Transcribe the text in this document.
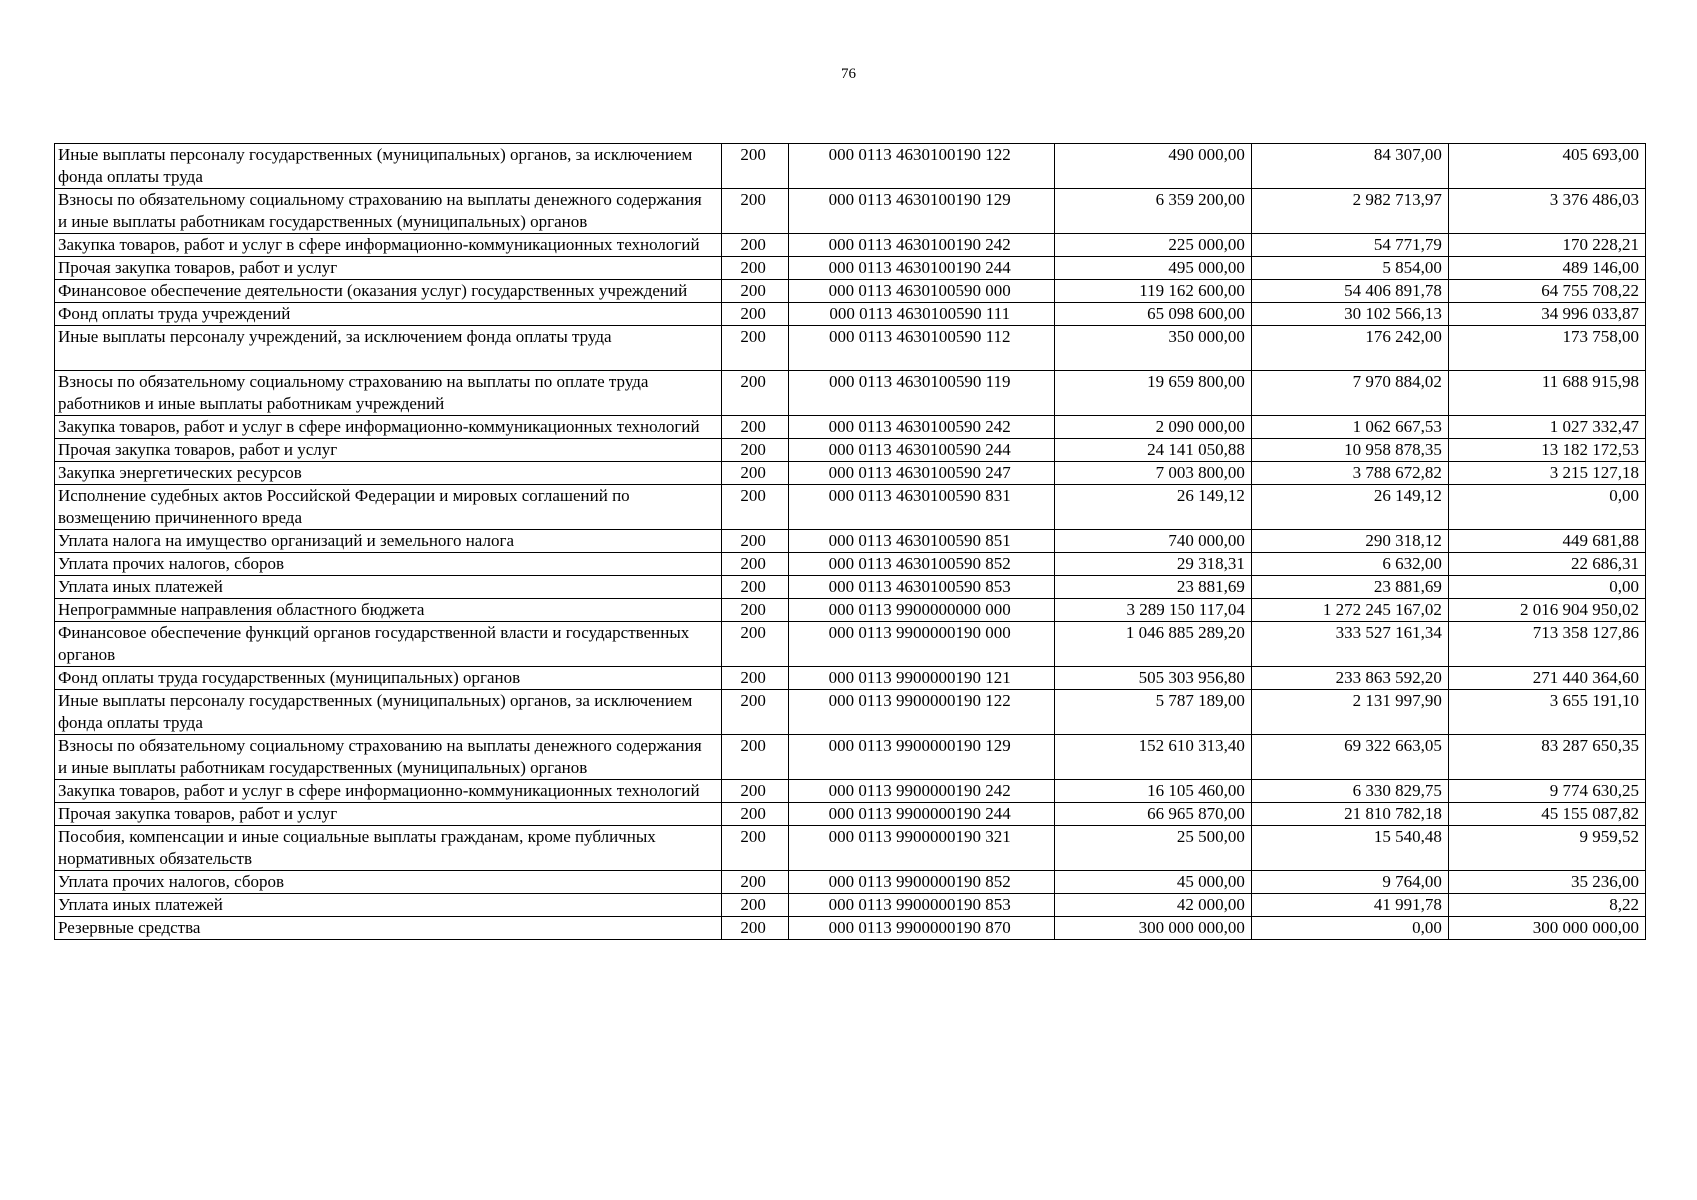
76
Иные выплаты персоналу государственных (муниципальных) органов, за исключением фонда оплаты труда	200	000 0113 4630100190 122	490 000,00	84 307,00	405 693,00
Взносы по обязательному социальному страхованию на выплаты денежного содержания и иные выплаты работникам государственных (муниципальных) органов	200	000 0113 4630100190 129	6 359 200,00	2 982 713,97	3 376 486,03
Закупка товаров, работ и услуг в сфере информационно-коммуникационных технологий	200	000 0113 4630100190 242	225 000,00	54 771,79	170 228,21
Прочая закупка товаров, работ и услуг	200	000 0113 4630100190 244	495 000,00	5 854,00	489 146,00
Финансовое обеспечение деятельности (оказания услуг) государственных учреждений	200	000 0113 4630100590 000	119 162 600,00	54 406 891,78	64 755 708,22
Фонд оплаты труда учреждений	200	000 0113 4630100590 111	65 098 600,00	30 102 566,13	34 996 033,87
Иные выплаты персоналу учреждений, за исключением фонда оплаты труда	200	000 0113 4630100590 112	350 000,00	176 242,00	173 758,00
Взносы по обязательному социальному страхованию на выплаты по оплате труда работников и иные выплаты работникам учреждений	200	000 0113 4630100590 119	19 659 800,00	7 970 884,02	11 688 915,98
Закупка товаров, работ и услуг в сфере информационно-коммуникационных технологий	200	000 0113 4630100590 242	2 090 000,00	1 062 667,53	1 027 332,47
Прочая закупка товаров, работ и услуг	200	000 0113 4630100590 244	24 141 050,88	10 958 878,35	13 182 172,53
Закупка энергетических ресурсов	200	000 0113 4630100590 247	7 003 800,00	3 788 672,82	3 215 127,18
Исполнение судебных актов Российской Федерации и мировых соглашений по возмещению причиненного вреда	200	000 0113 4630100590 831	26 149,12	26 149,12	0,00
Уплата налога на имущество организаций и земельного налога	200	000 0113 4630100590 851	740 000,00	290 318,12	449 681,88
Уплата прочих налогов, сборов	200	000 0113 4630100590 852	29 318,31	6 632,00	22 686,31
Уплата иных платежей	200	000 0113 4630100590 853	23 881,69	23 881,69	0,00
Непрограммные направления областного бюджета	200	000 0113 9900000000 000	3 289 150 117,04	1 272 245 167,02	2 016 904 950,02
Финансовое обеспечение функций органов государственной власти и государственных органов	200	000 0113 9900000190 000	1 046 885 289,20	333 527 161,34	713 358 127,86
Фонд оплаты труда государственных (муниципальных) органов	200	000 0113 9900000190 121	505 303 956,80	233 863 592,20	271 440 364,60
Иные выплаты персоналу государственных (муниципальных) органов, за исключением фонда оплаты труда	200	000 0113 9900000190 122	5 787 189,00	2 131 997,90	3 655 191,10
Взносы по обязательному социальному страхованию на выплаты денежного содержания и иные выплаты работникам государственных (муниципальных) органов	200	000 0113 9900000190 129	152 610 313,40	69 322 663,05	83 287 650,35
Закупка товаров, работ и услуг в сфере информационно-коммуникационных технологий	200	000 0113 9900000190 242	16 105 460,00	6 330 829,75	9 774 630,25
Прочая закупка товаров, работ и услуг	200	000 0113 9900000190 244	66 965 870,00	21 810 782,18	45 155 087,82
Пособия, компенсации и иные социальные выплаты гражданам, кроме публичных нормативных обязательств	200	000 0113 9900000190 321	25 500,00	15 540,48	9 959,52
Уплата прочих налогов, сборов	200	000 0113 9900000190 852	45 000,00	9 764,00	35 236,00
Уплата иных платежей	200	000 0113 9900000190 853	42 000,00	41 991,78	8,22
Резервные средства	200	000 0113 9900000190 870	300 000 000,00	0,00	300 000 000,00
